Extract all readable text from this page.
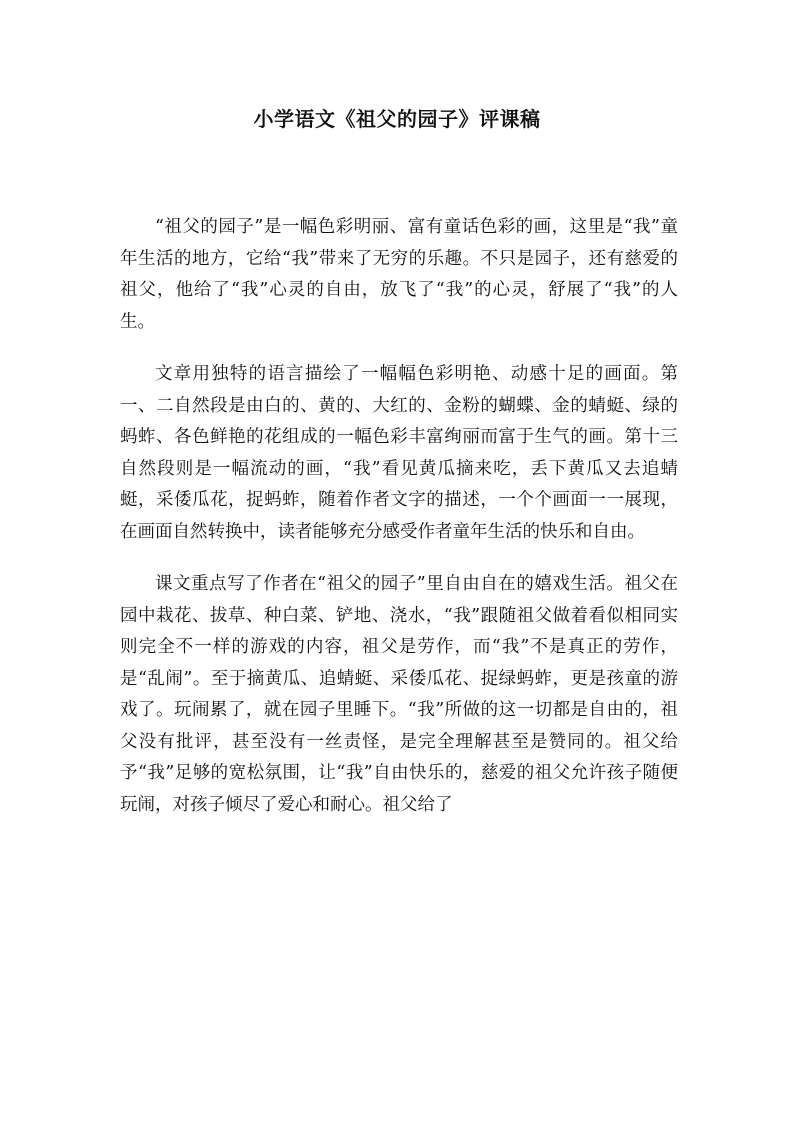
小学语文《祖父的园子》评课稿

“祖父的园子”是一幅色彩明丽、富有童话色彩的画，这里是“我”童年生活的地方，它给“我”带来了无穷的乐趣。不只是园子，还有慈爱的祖父，他给了“我”心灵的自由，放飞了“我”的心灵，舒展了“我”的人生。

文章用独特的语言描绘了一幅幅色彩明艳、动感十足的画面。第一、二自然段是由白的、黄的、大红的、金粉的蝴蝶、金的蜻蜓、绿的蚂蚱、各色鲜艳的花组成的一幅色彩丰富绚丽而富于生气的画。第十三自然段则是一幅流动的画，“我”看见黄瓜摘来吃，丢下黄瓜又去追蜻蜓，采倭瓜花，捉蚂蚱，随着作者文字的描述，一个个画面一一展现，在画面自然转换中，读者能够充分感受作者童年生活的快乐和自由。

课文重点写了作者在“祖父的园子”里自由自在的嬉戏生活。祖父在园中栽花、拔草、种白菜、铲地、浇水，“我”跟随祖父做着看似相同实则完全不一样的游戏的内容，祖父是劳作，而“我”不是真正的劳作，是“乱闹”。至于摘黄瓜、追蜻蜓、采倭瓜花、捉绿蚂蚱，更是孩童的游戏了。玩闹累了，就在园子里睡下。“我”所做的这一切都是自由的，祖父没有批评，甚至没有一丝责怪，是完全理解甚至是赞同的。祖父给予“我”足够的宽松氛围，让“我”自由快乐的，慈爱的祖父允许孩子随便玩闹，对孩子倾尽了爱心和耐心。祖父给了
